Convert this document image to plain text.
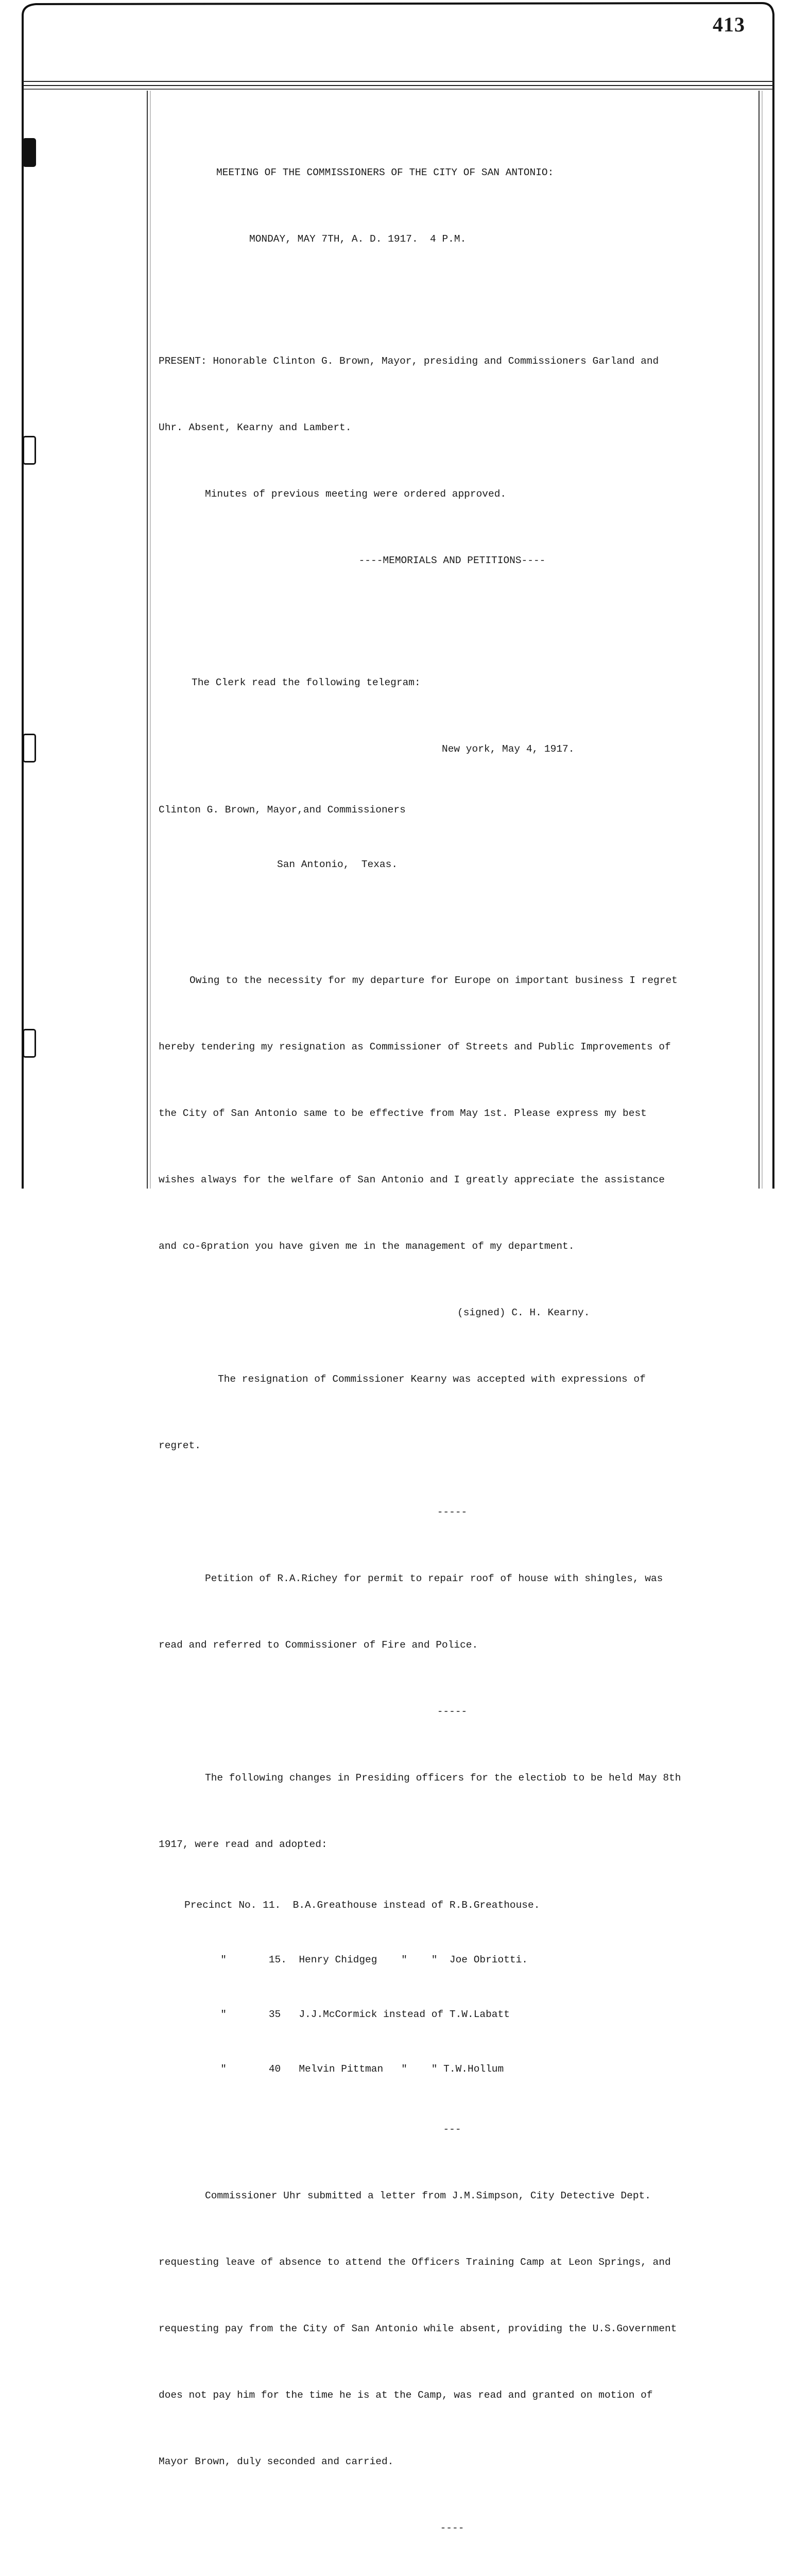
413

MEETING OF THE COMMISSIONERS OF THE CITY OF SAN ANTONIO:

MONDAY, MAY 7TH, A. D. 1917.  4 P.M.

PRESENT: Honorable Clinton G. Brown, Mayor, presiding and Commissioners Garland and

Uhr. Absent, Kearny and Lambert.

Minutes of previous meeting were ordered approved.

----MEMORIALS AND PETITIONS----

The Clerk read the following telegram:

New york, May 4, 1917.

Clinton G. Brown, Mayor,and Commissioners

San Antonio,  Texas.

Owing to the necessity for my departure for Europe on important business I regret

hereby tendering my resignation as Commissioner of Streets and Public Improvements of

the City of San Antonio same to be effective from May 1st. Please express my best

wishes always for the welfare of San Antonio and I greatly appreciate the assistance

and co-6pration you have given me in the management of my department.

(signed) C. H. Kearny.

The resignation of Commissioner Kearny was accepted with expressions of

regret.

-----

Petition of R.A.Richey for permit to repair roof of house with shingles, was

read and referred to Commissioner of Fire and Police.

-----

The following changes in Presiding officers for the electiob to be held May 8th

1917, were read and adopted:

Precinct No. 11.  B.A.Greathouse instead of R.B.Greathouse.

"       15.  Henry Chidgeg    "    "  Joe Obriotti.

"       35   J.J.McCormick instead of T.W.Labatt

"       40   Melvin Pittman   "    " T.W.Hollum

---

Commissioner Uhr submitted a letter from J.M.Simpson, City Detective Dept.

requesting leave of absence to attend the Officers Training Camp at Leon Springs, and

requesting pay from the City of San Antonio while absent, providing the U.S.Government

does not pay him for the time he is at the Camp, was read and granted on motion of

Mayor Brown, duly seconded and carried.

----
